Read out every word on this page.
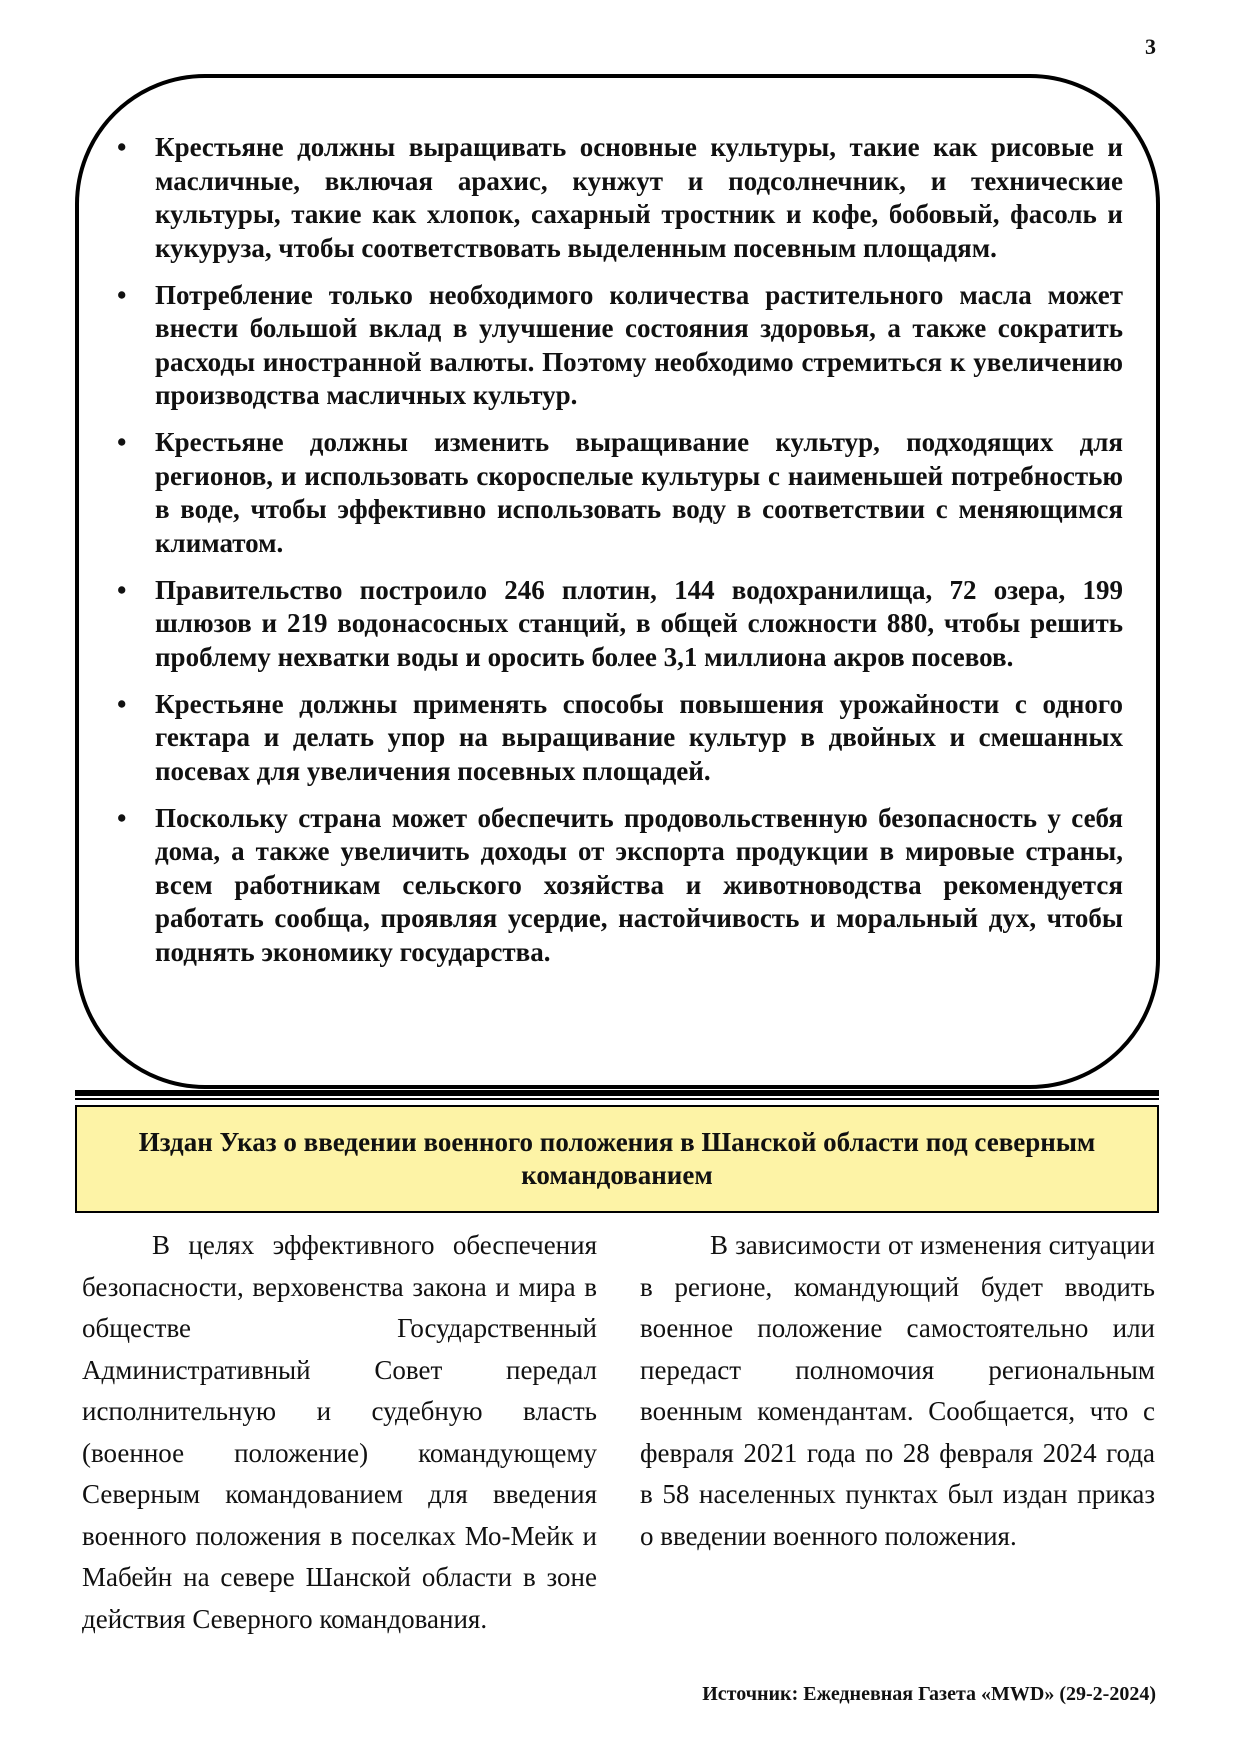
3
• Крестьяне должны выращивать основные культуры, такие как рисовые и масличные, включая арахис, кунжут и подсолнечник, и технические культуры, такие как хлопок, сахарный тростник и кофе, бобовый, фасоль и кукуруза, чтобы соответствовать выделенным посевным площадям.
• Потребление только необходимого количества растительного масла может внести большой вклад в улучшение состояния здоровья, а также сократить расходы иностранной валюты. Поэтому необходимо стремиться к увеличению производства масличных культур.
• Крестьяне должны изменить выращивание культур, подходящих для регионов, и использовать скороспелые культуры с наименьшей потребностью в воде, чтобы эффективно использовать воду в соответствии с меняющимся климатом.
• Правительство построило 246 плотин, 144 водохранилища, 72 озера, 199 шлюзов и 219 водонасосных станций, в общей сложности 880, чтобы решить проблему нехватки воды и оросить более 3,1 миллиона акров посевов.
• Крестьяне должны применять способы повышения урожайности с одного гектара и делать упор на выращивание культур в двойных и смешанных посевах для увеличения посевных площадей.
• Поскольку страна может обеспечить продовольственную безопасность у себя дома, а также увеличить доходы от экспорта продукции в мировые страны, всем работникам сельского хозяйства и животноводства рекомендуется работать сообща, проявляя усердие, настойчивость и моральный дух, чтобы поднять экономику государства.
Издан Указ о введении военного положения в Шанской области под северным командованием

В целях эффективного обеспечения безопасности, верховенства закона и мира в обществе Государственный Административный Совет передал исполнительную и судебную власть (военное положение) командующему Северным командованием для введения военного положения в поселках Мо-Мейк и Мабейн на севере Шанской области в зоне действия Северного командования.

В зависимости от изменения ситуации в регионе, командующий будет вводить военное положение самостоятельно или передаст полномочия региональным военным комендантам. Сообщается, что с февраля 2021 года по 28 февраля 2024 года в 58 населенных пунктах был издан приказ о введении военного положения.

Источник: Ежедневная Газета «MWD» (29-2-2024)
